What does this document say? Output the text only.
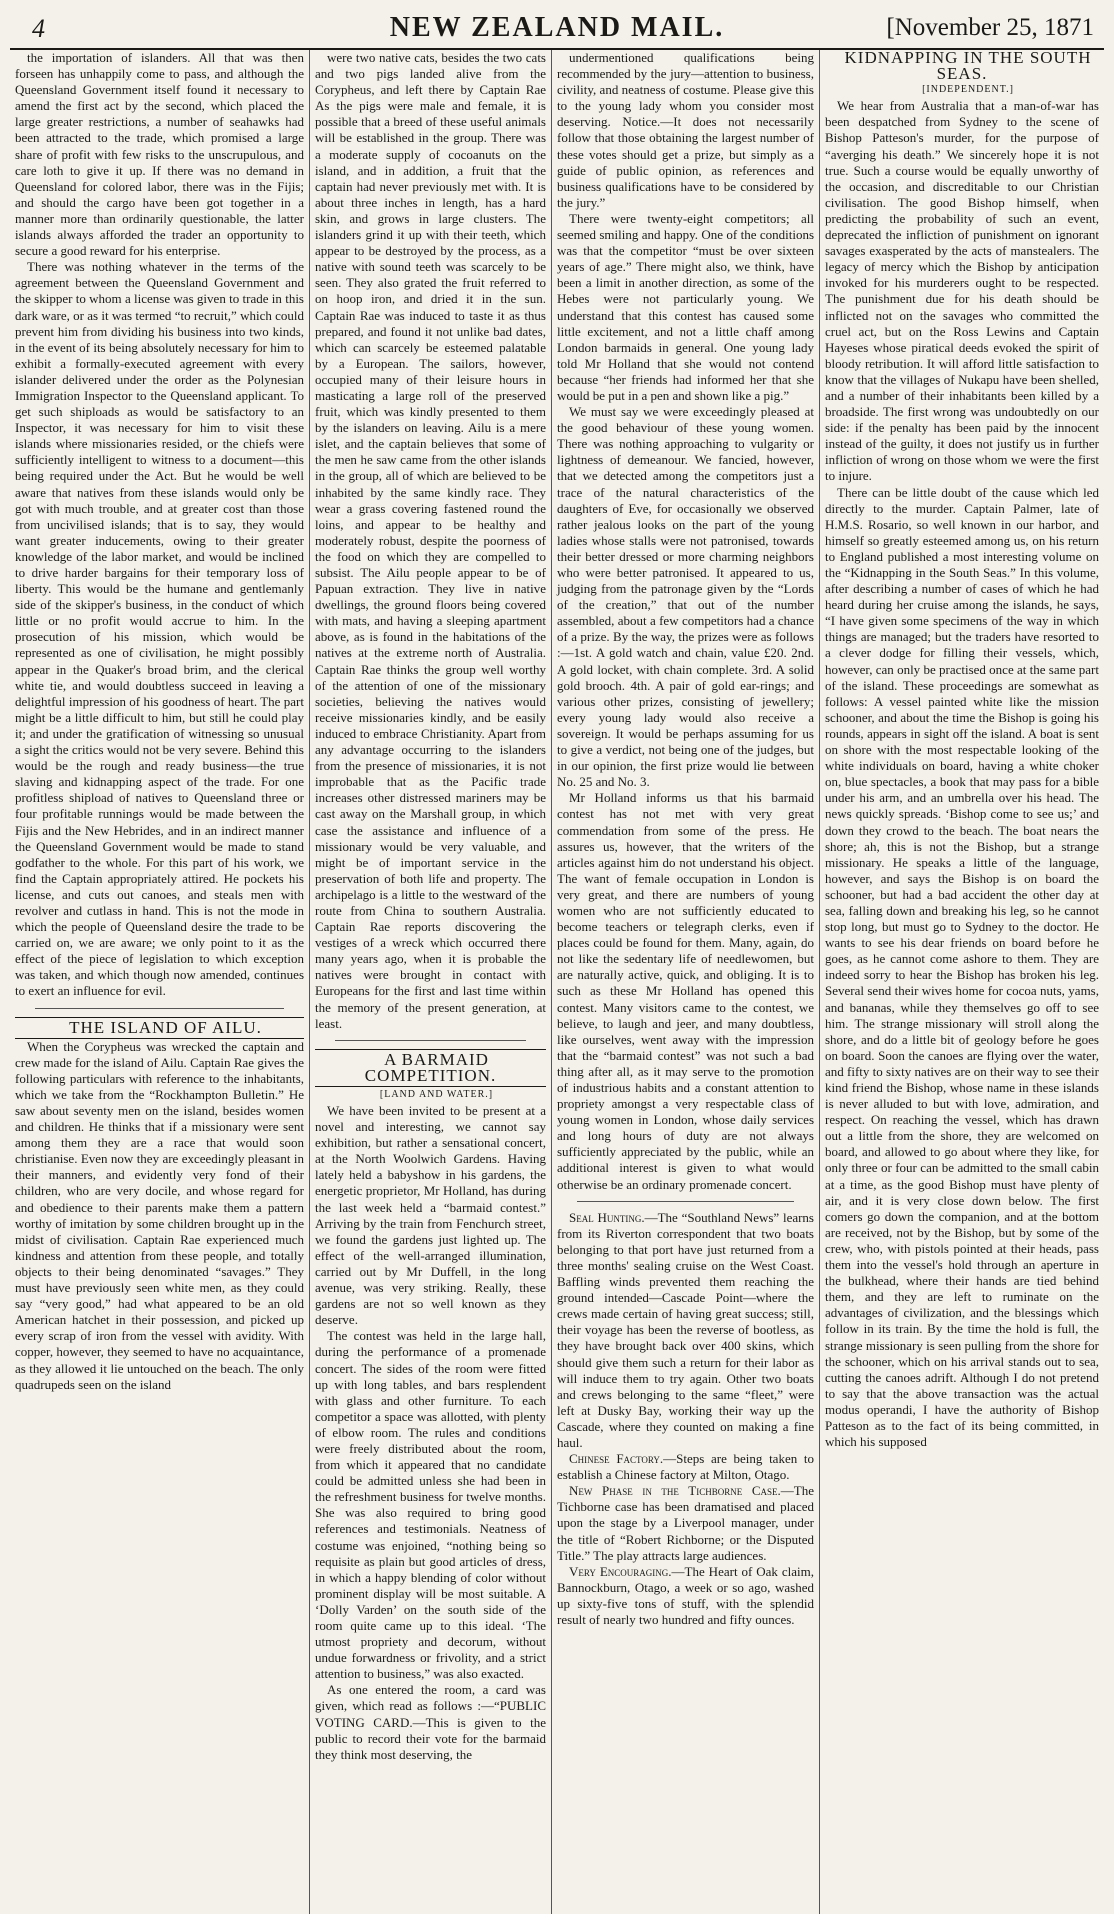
4	NEW ZEALAND MAIL.	[November 25, 1871

the importation of islanders. All that was then forseen has unhappily come to pass, and although the Queensland Government itself found it necessary to amend the first act by the second, which placed the large greater restrictions, a number of seahawks had been attracted to the trade, which promised a large share of profit with few risks to the unscrupulous, and care loth to give it up. If there was no demand in Queensland for colored labor, there was in the Fijis; and should the cargo have been got together in a manner more than ordinarily questionable, the latter islands always afforded the trader an opportunity to secure a good reward for his enterprise.

There was nothing whatever in the terms of the agreement between the Queensland Government and the skipper to whom a license was given to trade in this dark ware, or as it was termed “to recruit,” which could prevent him from dividing his business into two kinds, in the event of its being absolutely necessary for him to exhibit a formally-executed agreement with every islander delivered under the order as the Polynesian Immigration Inspector to the Queensland applicant. To get such shiploads as would be satisfactory to an Inspector, it was necessary for him to visit these islands where missionaries resided, or the chiefs were sufficiently intelligent to witness to a document—this being required under the Act. But he would be well aware that natives from these islands would only be got with much trouble, and at greater cost than those from uncivilised islands; that is to say, they would want greater inducements, owing to their greater knowledge of the labor market, and would be inclined to drive harder bargains for their temporary loss of liberty. This would be the humane and gentlemanly side of the skipper's business, in the conduct of which little or no profit would accrue to him. In the prosecution of his mission, which would be represented as one of civilisation, he might possibly appear in the Quaker's broad brim, and the clerical white tie, and would doubtless succeed in leaving a delightful impression of his goodness of heart. The part might be a little difficult to him, but still he could play it; and under the gratification of witnessing so unusual a sight the critics would not be very severe. Behind this would be the rough and ready business—the true slaving and kidnapping aspect of the trade. For one profitless shipload of natives to Queensland three or four profitable runnings would be made between the Fijis and the New Hebrides, and in an indirect manner the Queensland Government would be made to stand godfather to the whole. For this part of his work, we find the Captain appropriately attired. He pockets his license, and cuts out canoes, and steals men with revolver and cutlass in hand. This is not the mode in which the people of Queensland desire the trade to be carried on, we are aware; we only point to it as the effect of the piece of legislation to which exception was taken, and which though now amended, continues to exert an influence for evil.

THE ISLAND OF AILU.

When the Corypheus was wrecked the captain and crew made for the island of Ailu. Captain Rae gives the following particulars with reference to the inhabitants, which we take from the “Rockhampton Bulletin.” He saw about seventy men on the island, besides women and children. He thinks that if a missionary were sent among them they are a race that would soon christianise. Even now they are exceedingly pleasant in their manners, and evidently very fond of their children, who are very docile, and whose regard for and obedience to their parents make them a pattern worthy of imitation by some children brought up in the midst of civilisation. Captain Rae experienced much kindness and attention from these people, and totally objects to their being denominated “savages.” They must have previously seen white men, as they could say “very good,” had what appeared to be an old American hatchet in their possession, and picked up every scrap of iron from the vessel with avidity. With copper, however, they seemed to have no acquaintance, as they allowed it lie untouched on the beach. The only quadrupeds seen on the island

were two native cats, besides the two cats and two pigs landed alive from the Corypheus, and left there by Captain Rae As the pigs were male and female, it is possible that a breed of these useful animals will be established in the group. There was a moderate supply of cocoanuts on the island, and in addition, a fruit that the captain had never previously met with. It is about three inches in length, has a hard skin, and grows in large clusters. The islanders grind it up with their teeth, which appear to be destroyed by the process, as a native with sound teeth was scarcely to be seen. They also grated the fruit referred to on hoop iron, and dried it in the sun. Captain Rae was induced to taste it as thus prepared, and found it not unlike bad dates, which can scarcely be esteemed palatable by a European. The sailors, however, occupied many of their leisure hours in masticating a large roll of the preserved fruit, which was kindly presented to them by the islanders on leaving. Ailu is a mere islet, and the captain believes that some of the men he saw came from the other islands in the group, all of which are believed to be inhabited by the same kindly race. They wear a grass covering fastened round the loins, and appear to be healthy and moderately robust, despite the poorness of the food on which they are compelled to subsist. The Ailu people appear to be of Papuan extraction. They live in native dwellings, the ground floors being covered with mats, and having a sleeping apartment above, as is found in the habitations of the natives at the extreme north of Australia. Captain Rae thinks the group well worthy of the attention of one of the missionary societies, believing the natives would receive missionaries kindly, and be easily induced to embrace Christianity. Apart from any advantage occurring to the islanders from the presence of missionaries, it is not improbable that as the Pacific trade increases other distressed mariners may be cast away on the Marshall group, in which case the assistance and influence of a missionary would be very valuable, and might be of important service in the preservation of both life and property. The archipelago is a little to the westward of the route from China to southern Australia. Captain Rae reports discovering the vestiges of a wreck which occurred there many years ago, when it is probable the natives were brought in contact with Europeans for the first and last time within the memory of the present generation, at least.

A BARMAID COMPETITION.

[LAND AND WATER.]

We have been invited to be present at a novel and interesting, we cannot say exhibition, but rather a sensational concert, at the North Woolwich Gardens. Having lately held a babyshow in his gardens, the energetic proprietor, Mr Holland, has during the last week held a “barmaid contest.” Arriving by the train from Fenchurch street, we found the gardens just lighted up. The effect of the well-arranged illumination, carried out by Mr Duffell, in the long avenue, was very striking. Really, these gardens are not so well known as they deserve.

The contest was held in the large hall, during the performance of a promenade concert. The sides of the room were fitted up with long tables, and bars resplendent with glass and other furniture. To each competitor a space was allotted, with plenty of elbow room. The rules and conditions were freely distributed about the room, from which it appeared that no candidate could be admitted unless she had been in the refreshment business for twelve months. She was also required to bring good references and testimonials. Neatness of costume was enjoined, “nothing being so requisite as plain but good articles of dress, in which a happy blending of color without prominent display will be most suitable. A ‘Dolly Varden’ on the south side of the room quite came up to this ideal. ‘The utmost propriety and decorum, without undue forwardness or frivolity, and a strict attention to business,” was also exacted.

As one entered the room, a card was given, which read as follows :—“PUBLIC VOTING CARD.—This is given to the public to record their vote for the barmaid they think most deserving, the

undermentioned qualifications being recommended by the jury—attention to business, civility, and neatness of costume. Please give this to the young lady whom you consider most deserving. Notice.—It does not necessarily follow that those obtaining the largest number of these votes should get a prize, but simply as a guide of public opinion, as references and business qualifications have to be considered by the jury.”

There were twenty-eight competitors; all seemed smiling and happy. One of the conditions was that the competitor “must be over sixteen years of age.” There might also, we think, have been a limit in another direction, as some of the Hebes were not particularly young. We understand that this contest has caused some little excitement, and not a little chaff among London barmaids in general. One young lady told Mr Holland that she would not contend because “her friends had informed her that she would be put in a pen and shown like a pig.”

We must say we were exceedingly pleased at the good behaviour of these young women. There was nothing approaching to vulgarity or lightness of demeanour. We fancied, however, that we detected among the competitors just a trace of the natural characteristics of the daughters of Eve, for occasionally we observed rather jealous looks on the part of the young ladies whose stalls were not patronised, towards their better dressed or more charming neighbors who were better patronised. It appeared to us, judging from the patronage given by the “Lords of the creation,” that out of the number assembled, about a few competitors had a chance of a prize. By the way, the prizes were as follows :—1st. A gold watch and chain, value £20. 2nd. A gold locket, with chain complete. 3rd. A solid gold brooch. 4th. A pair of gold ear-rings; and various other prizes, consisting of jewellery; every young lady would also receive a sovereign. It would be perhaps assuming for us to give a verdict, not being one of the judges, but in our opinion, the first prize would lie between No. 25 and No. 3.

Mr Holland informs us that his barmaid contest has not met with very great commendation from some of the press. He assures us, however, that the writers of the articles against him do not understand his object. The want of female occupation in London is very great, and there are numbers of young women who are not sufficiently educated to become teachers or telegraph clerks, even if places could be found for them. Many, again, do not like the sedentary life of needlewomen, but are naturally active, quick, and obliging. It is to such as these Mr Holland has opened this contest. Many visitors came to the contest, we believe, to laugh and jeer, and many doubtless, like ourselves, went away with the impression that the “barmaid contest” was not such a bad thing after all, as it may serve to the promotion of industrious habits and a constant attention to propriety amongst a very respectable class of young women in London, whose daily services and long hours of duty are not always sufficiently appreciated by the public, while an additional interest is given to what would otherwise be an ordinary promenade concert.

Seal Hunting.—The “Southland News” learns from its Riverton correspondent that two boats belonging to that port have just returned from a three months' sealing cruise on the West Coast. Baffling winds prevented them reaching the ground intended—Cascade Point—where the crews made certain of having great success; still, their voyage has been the reverse of bootless, as they have brought back over 400 skins, which should give them such a return for their labor as will induce them to try again. Other two boats and crews belonging to the same “fleet,” were left at Dusky Bay, working their way up the Cascade, where they counted on making a fine haul.

Chinese Factory.—Steps are being taken to establish a Chinese factory at Milton, Otago.

New Phase in the Tichborne Case.—The Tichborne case has been dramatised and placed upon the stage by a Liverpool manager, under the title of “Robert Richborne; or the Disputed Title.” The play attracts large audiences.

Very Encouraging.—The Heart of Oak claim, Bannockburn, Otago, a week or so ago, washed up sixty-five tons of stuff, with the splendid result of nearly two hundred and fifty ounces.

KIDNAPPING IN THE SOUTH SEAS.

[INDEPENDENT.]

We hear from Australia that a man-of-war has been despatched from Sydney to the scene of Bishop Patteson's murder, for the purpose of “averging his death.” We sincerely hope it is not true. Such a course would be equally unworthy of the occasion, and discreditable to our Christian civilisation. The good Bishop himself, when predicting the probability of such an event, deprecated the infliction of punishment on ignorant savages exasperated by the acts of manstealers. The legacy of mercy which the Bishop by anticipation invoked for his murderers ought to be respected. The punishment due for his death should be inflicted not on the savages who committed the cruel act, but on the Ross Lewins and Captain Hayeses whose piratical deeds evoked the spirit of bloody retribution. It will afford little satisfaction to know that the villages of Nukapu have been shelled, and a number of their inhabitants been killed by a broadside. The first wrong was undoubtedly on our side: if the penalty has been paid by the innocent instead of the guilty, it does not justify us in further infliction of wrong on those whom we were the first to injure.

There can be little doubt of the cause which led directly to the murder. Captain Palmer, late of H.M.S. Rosario, so well known in our harbor, and himself so greatly esteemed among us, on his return to England published a most interesting volume on the “Kidnapping in the South Seas.” In this volume, after describing a number of cases of which he had heard during her cruise among the islands, he says, “I have given some specimens of the way in which things are managed; but the traders have resorted to a clever dodge for filling their vessels, which, however, can only be practised once at the same part of the island. These proceedings are somewhat as follows: A vessel painted white like the mission schooner, and about the time the Bishop is going his rounds, appears in sight off the island. A boat is sent on shore with the most respectable looking of the white individuals on board, having a white choker on, blue spectacles, a book that may pass for a bible under his arm, and an umbrella over his head. The news quickly spreads. ‘Bishop come to see us;’ and down they crowd to the beach. The boat nears the shore; ah, this is not the Bishop, but a strange missionary. He speaks a little of the language, however, and says the Bishop is on board the schooner, but had a bad accident the other day at sea, falling down and breaking his leg, so he cannot stop long, but must go to Sydney to the doctor. He wants to see his dear friends on board before he goes, as he cannot come ashore to them. They are indeed sorry to hear the Bishop has broken his leg. Several send their wives home for cocoa nuts, yams, and bananas, while they themselves go off to see him. The strange missionary will stroll along the shore, and do a little bit of geology before he goes on board. Soon the canoes are flying over the water, and fifty to sixty natives are on their way to see their kind friend the Bishop, whose name in these islands is never alluded to but with love, admiration, and respect. On reaching the vessel, which has drawn out a little from the shore, they are welcomed on board, and allowed to go about where they like, for only three or four can be admitted to the small cabin at a time, as the good Bishop must have plenty of air, and it is very close down below. The first comers go down the companion, and at the bottom are received, not by the Bishop, but by some of the crew, who, with pistols pointed at their heads, pass them into the vessel's hold through an aperture in the bulkhead, where their hands are tied behind them, and they are left to ruminate on the advantages of civilization, and the blessings which follow in its train. By the time the hold is full, the strange missionary is seen pulling from the shore for the schooner, which on his arrival stands out to sea, cutting the canoes adrift. Although I do not pretend to say that the above transaction was the actual modus operandi, I have the authority of Bishop Patteson as to the fact of its being committed, in which his supposed
